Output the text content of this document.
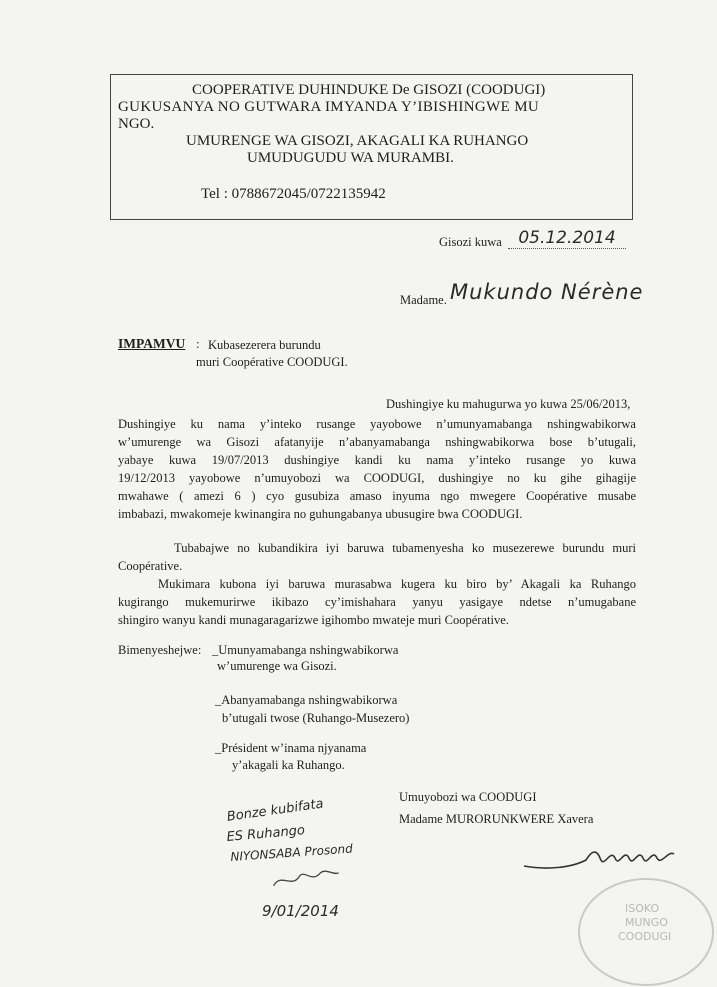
COOPERATIVE DUHINDUKE De GISOZI (COODUGI)
GUKUSANYA NO GUTWARA IMYANDA Y’IBISHINGWE MU
NGO.
UMURENGE WA GISOZI, AKAGALI KA RUHANGO
UMUDUGUDU WA MURAMBI.
Tel : 0788672045/0722135942
Gisozi kuwa 05.12.2014
Madame. Mukundo Nérène
IMPAMVU : Kubasezerera burundu
muri Coopérative COODUGI.
Dushingiye ku mahugurwa yo kuwa 25/06/2013,
Dushingiye ku nama y’inteko rusange yayobowe n’umunyamabanga nshingwabikorwa
w’umurenge wa Gisozi afatanyije n’abanyamabanga nshingwabikorwa bose b’utugali,
yabaye kuwa 19/07/2013 dushingiye kandi ku nama y’inteko rusange yo kuwa
19/12/2013 yayobowe n’umuyobozi wa COODUGI, dushingiye no ku gihe gihagije
mwahawe ( amezi 6 ) cyo gusubiza amaso inyuma ngo mwegere Coopérative musabe
imbabazi, mwakomeje kwinangira no guhungabanya ubusugire bwa COODUGI.
Tubabajwe no kubandikira iyi baruwa tubamenyesha ko musezerewe burundu muri
Coopérative.
Mukimara kubona iyi baruwa murasabwa kugera ku biro by’ Akagali ka Ruhango
kugirango mukemurirwe ikibazo cy’imishahara yanyu yasigaye ndetse n’umugabane
shingiro wanyu kandi munagaragarizwe igihombo mwateje muri Coopérative.
Bimenyeshejwe: _Umunyamabanga nshingwabikorwa
w’umurenge wa Gisozi.
_Abanyamabanga nshingwabikorwa
b’utugali twose (Ruhango-Musezero)
_Président w’inama njyanama
y’akagali ka Ruhango.
Umuyobozi wa COODUGI
Madame MURORUNKWERE Xavera
Bonze kubifata
ES Ruhango
NIYONSABA Prosond
9/01/2014	ISOKO
MUNGO
COODUGI
